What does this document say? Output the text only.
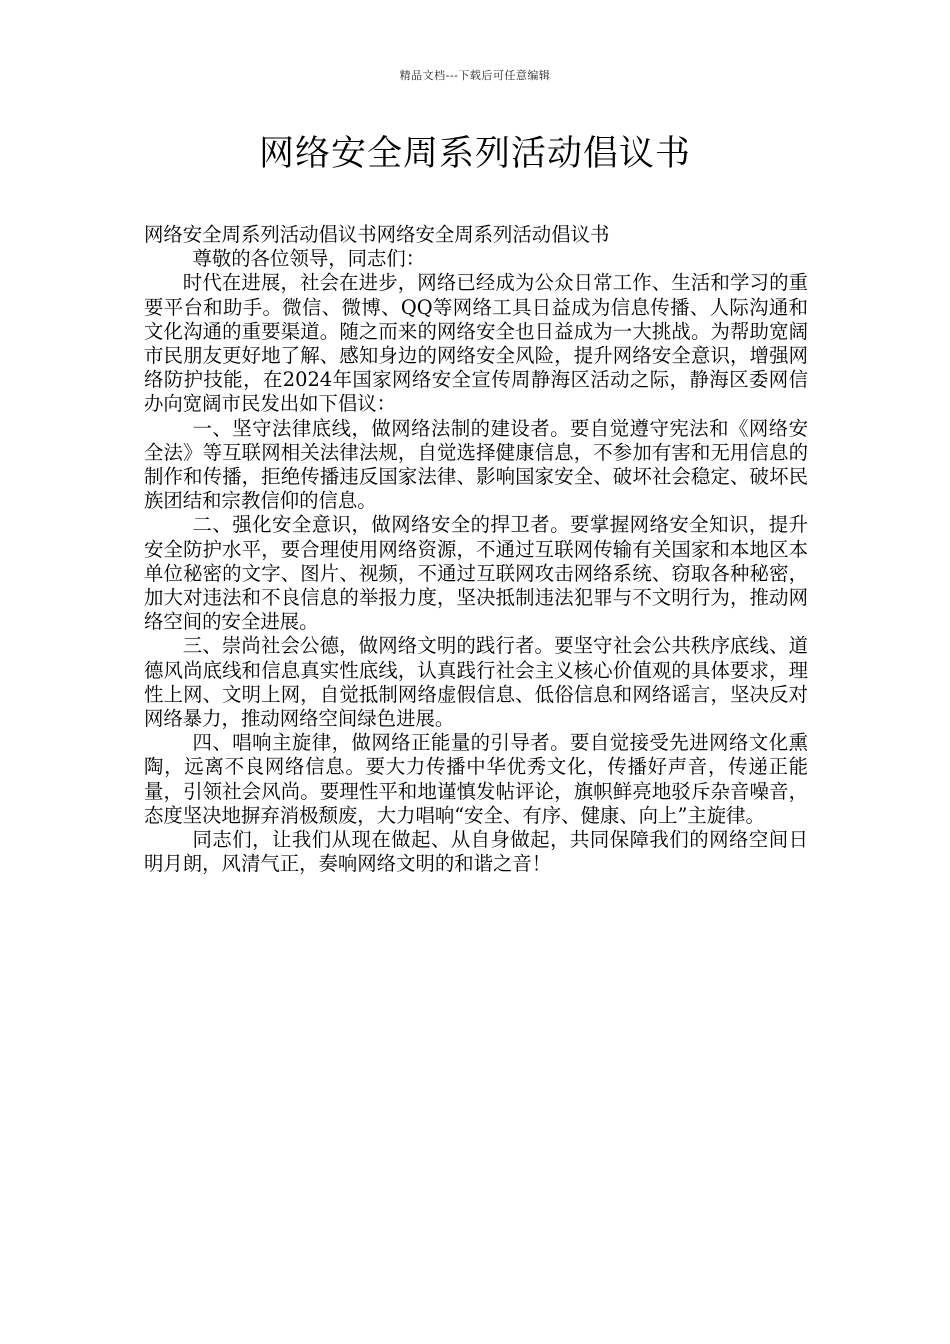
精品文档---下载后可任意编辑
网络安全周系列活动倡议书

网络安全周系列活动倡议书网络安全周系列活动倡议书

尊敬的各位领导，同志们：

时代在进展，社会在进步，网络已经成为公众日常工作、生活和学习的重要平台和助手。微信、微博、QQ等网络工具日益成为信息传播、人际沟通和文化沟通的重要渠道。随之而来的网络安全也日益成为一大挑战。为帮助宽阔市民朋友更好地了解、感知身边的网络安全风险，提升网络安全意识，增强网络防护技能，在2024年国家网络安全宣传周静海区活动之际，静海区委网信办向宽阔市民发出如下倡议：

一、坚守法律底线，做网络法制的建设者。要自觉遵守宪法和《网络安全法》等互联网相关法律法规，自觉选择健康信息，不参加有害和无用信息的制作和传播，拒绝传播违反国家法律、影响国家安全、破坏社会稳定、破坏民族团结和宗教信仰的信息。

二、强化安全意识，做网络安全的捍卫者。要掌握网络安全知识，提升安全防护水平，要合理使用网络资源，不通过互联网传输有关国家和本地区本单位秘密的文字、图片、视频，不通过互联网攻击网络系统、窃取各种秘密，加大对违法和不良信息的举报力度，坚决抵制违法犯罪与不文明行为，推动网络空间的安全进展。

三、崇尚社会公德，做网络文明的践行者。要坚守社会公共秩序底线、道德风尚底线和信息真实性底线，认真践行社会主义核心价值观的具体要求，理性上网、文明上网，自觉抵制网络虚假信息、低俗信息和网络谣言，坚决反对网络暴力，推动网络空间绿色进展。

四、唱响主旋律，做网络正能量的引导者。要自觉接受先进网络文化熏陶，远离不良网络信息。要大力传播中华优秀文化，传播好声音，传递正能量，引领社会风尚。要理性平和地谨慎发帖评论，旗帜鲜亮地驳斥杂音噪音，态度坚决地摒弃消极颓废，大力唱响“安全、有序、健康、向上”主旋律。

同志们，让我们从现在做起、从自身做起，共同保障我们的网络空间日明月朗，风清气正，奏响网络文明的和谐之音！
